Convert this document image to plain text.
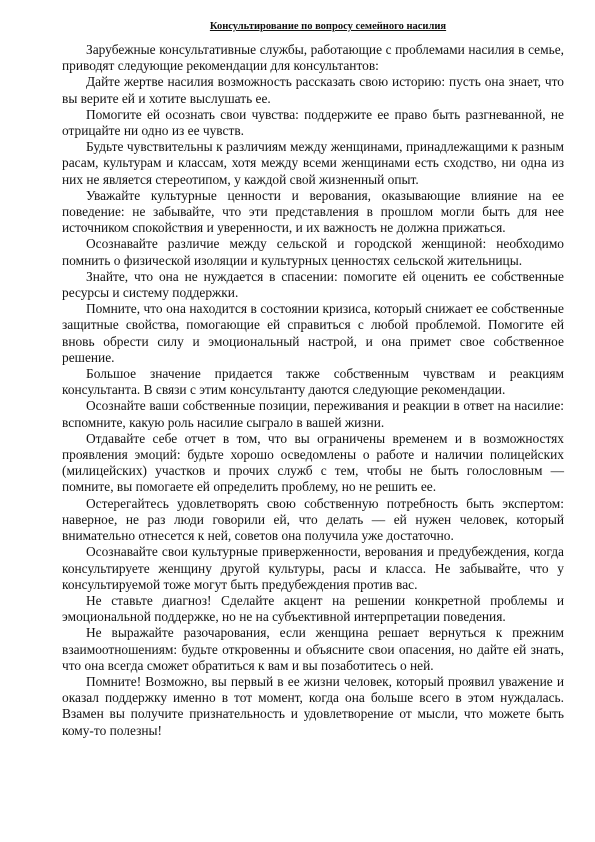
Консультирование по вопросу семейного насилия

Зарубежные консультативные службы, работающие с проблемами насилия в семье, приводят следующие рекомендации для консультантов:

Дайте жертве насилия возможность рассказать свою историю: пусть она знает, что вы верите ей и хотите выслушать ее.

Помогите ей осознать свои чувства: поддержите ее право быть разгневанной, не отрицайте ни одно из ее чувств.

Будьте чувствительны к различиям между женщинами, принадлежащими к разным расам, культурам и классам, хотя между всеми женщинами есть сходство, ни одна из них не является стереотипом, у каждой свой жизненный опыт.

Уважайте культурные ценности и верования, оказывающие влияние на ее поведение: не забывайте, что эти представления в прошлом могли быть для нее источником спокойствия и уверенности, и их важность не должна прижаться.

Осознавайте различие между сельской и городской женщиной: необходимо помнить о физической изоляции и культурных ценностях сельской жительницы.

Знайте, что она не нуждается в спасении: помогите ей оценить ее собственные ресурсы и систему поддержки.

Помните, что она находится в состоянии кризиса, который снижает ее собственные защитные свойства, помогающие ей справиться с любой проблемой. Помогите ей вновь обрести силу и эмоциональный настрой, и она примет свое собственное решение.

Большое значение придается также собственным чувствам и реакциям консультанта. В связи с этим консультанту даются следующие рекомендации.

Осознайте ваши собственные позиции, переживания и реакции в ответ на насилие: вспомните, какую роль насилие сыграло в вашей жизни.

Отдавайте себе отчет в том, что вы ограничены временем и в возможностях проявления эмоций: будьте хорошо осведомлены о работе и наличии полицейских (милицейских) участков и прочих служб с тем, чтобы не быть голословным — помните, вы помогаете ей определить проблему, но не решить ее.

Остерегайтесь удовлетворять свою собственную потребность быть экспертом: наверное, не раз люди говорили ей, что делать — ей нужен человек, который внимательно отнесется к ней, советов она получила уже достаточно.

Осознавайте свои культурные приверженности, верования и предубеждения, когда консультируете женщину другой культуры, расы и класса. Не забывайте, что у консультируемой тоже могут быть предубеждения против вас.

Не ставьте диагноз! Сделайте акцент на решении конкретной проблемы и эмоциональной поддержке, но не на субъективной интерпретации поведения.

Не выражайте разочарования, если женщина решает вернуться к прежним взаимоотношениям: будьте откровенны и объясните свои опасения, но дайте ей знать, что она всегда сможет обратиться к вам и вы позаботитесь о ней.

Помните! Возможно, вы первый в ее жизни человек, который проявил уважение и оказал поддержку именно в тот момент, когда она больше всего в этом нуждалась. Взамен вы получите признательность и удовлетворение от мысли, что можете быть кому-то полезны!
